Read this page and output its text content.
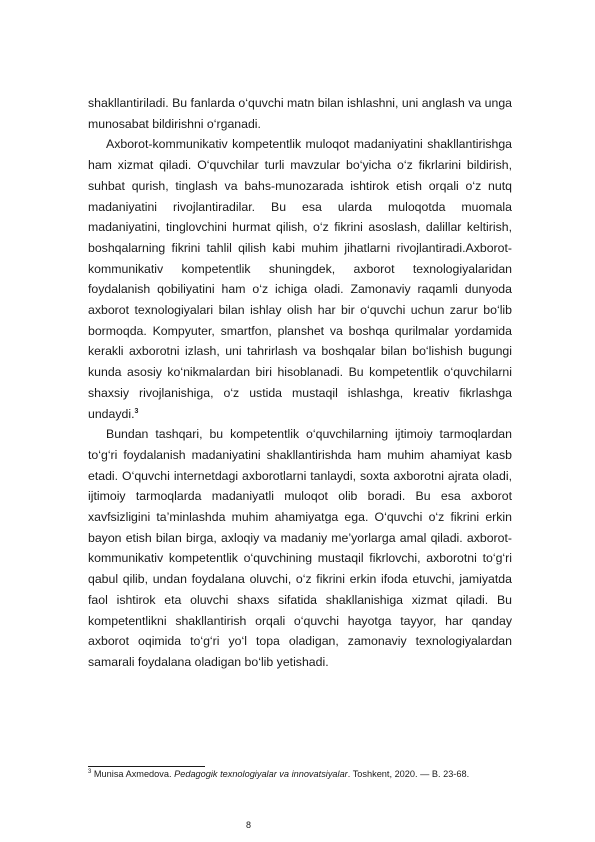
shakllantiriladi. Bu fanlarda o‘quvchi matn bilan ishlashni, uni anglash va unga munosabat bildirishni o‘rganadi.

Axborot-kommunikativ kompetentlik muloqot madaniyatini shakllantirishga ham xizmat qiladi. O‘quvchilar turli mavzular bo‘yicha o‘z fikrlarini bildirish, suhbat qurish, tinglash va bahs-munozarada ishtirok etish orqali o‘z nutq madaniyatini rivojlantiradilar. Bu esa ularda muloqotda muomala madaniyatini, tinglovchini hurmat qilish, o‘z fikrini asoslash, dalillar keltirish, boshqalarning fikrini tahlil qilish kabi muhim jihatlarni rivojlantiradi.Axborot-kommunikativ kompetentlik shuningdek, axborot texnologiyalaridan foydalanish qobiliyatini ham o‘z ichiga oladi. Zamonaviy raqamli dunyoda axborot texnologiyalari bilan ishlay olish har bir o‘quvchi uchun zarur bo‘lib bormoqda. Kompyuter, smartfon, planshet va boshqa qurilmalar yordamida kerakli axborotni izlash, uni tahrirlash va boshqalar bilan bo‘lishish bugungi kunda asosiy ko‘nikmalardan biri hisoblanadi. Bu kompetentlik o‘quvchilarni shaxsiy rivojlanishiga, o‘z ustida mustaqil ishlashga, kreativ fikrlashga undaydi.$^3$

Bundan tashqari, bu kompetentlik o‘quvchilarning ijtimoiy tarmoqlardan to‘g‘ri foydalanish madaniyatini shakllantirishda ham muhim ahamiyat kasb etadi. O‘quvchi internetdagi axborotlarni tanlaydi, soxta axborotni ajrata oladi, ijtimoiy tarmoqlarda madaniyatli muloqot olib boradi. Bu esa axborot xavfsizligini ta’minlashda muhim ahamiyatga ega. O‘quvchi o‘z fikrini erkin bayon etish bilan birga, axloqiy va madaniy me’yorlarga amal qiladi. axborot-kommunikativ kompetentlik o‘quvchining mustaqil fikrlovchi, axborotni to‘g‘ri qabul qilib, undan foydalana oluvchi, o‘z fikrini erkin ifoda etuvchi, jamiyatda faol ishtirok eta oluvchi shaxs sifatida shakllanishiga xizmat qiladi. Bu kompetentlikni shakllantirish orqali o‘quvchi hayotga tayyor, har qanday axborot oqimida to‘g‘ri yo‘l topa oladigan, zamonaviy texnologiyalardan samarali foydalana oladigan bo‘lib yetishadi.

$^3$ Munisa Axmedova. Pedagogik texnologiyalar va innovatsiyalar. Toshkent, 2020. — B. 23-68.
8
